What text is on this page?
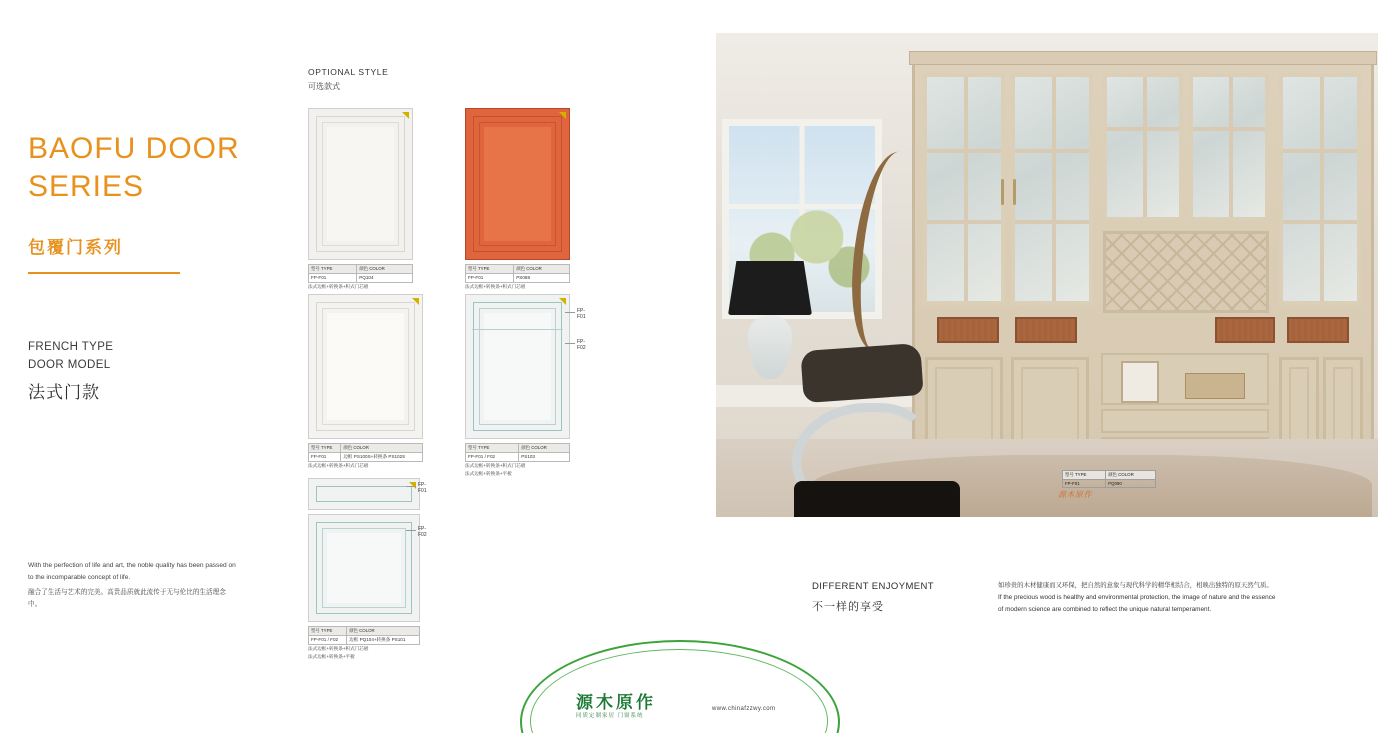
BAOFU DOOR SERIES
包覆门系列
FRENCH TYPE
DOOR MODEL
法式门款
With the perfection of life and art, the noble quality has been passed on to the incomparable concept of life.
融合了生活与艺术的完美。高贵品质就此流传于无与伦比的生活理念中。
OPTIONAL STYLE
可选款式
型号 TYPE	颜色 COLOR
FP-F01	PQ104
法式边框+转换条+积式门芯板
型号 TYPE	颜色 COLOR
FP-F01	PS088
法式边框+转换条+积式门芯板
型号 TYPE	颜色 COLOR
FP-F01	边框 PS100S+转换条 PS102S
法式边框+转换条+积式门芯板
FP-F01
FP-F02
型号 TYPE	颜色 COLOR
FP-F01 / F02	PS103
法式边框+转换条+积式门芯板
法式边框+转换条+平板
FP-F01
FP-F02
型号 TYPE	颜色 COLOR
FP-F01 / F02	边框 PQ104+转换条 PS101
法式边框+转换条+积式门芯板
法式边框+转换条+平板
型号 TYPE	颜色 COLOR
FP-F01	PQ090
源木原作
DIFFERENT ENJOYMENT
不一样的享受
如珍贵的木材健康而又环保，把自然的意象与现代科学的精华相结合，相映出独特的原天然气质。
If the precious wood is healthy and environmental protection, the image of nature and the essence
of modern science are combined to reflect the unique natural temperament.
源木原作
同质定制家居 门窗系统
www.chinafzzwy.com
